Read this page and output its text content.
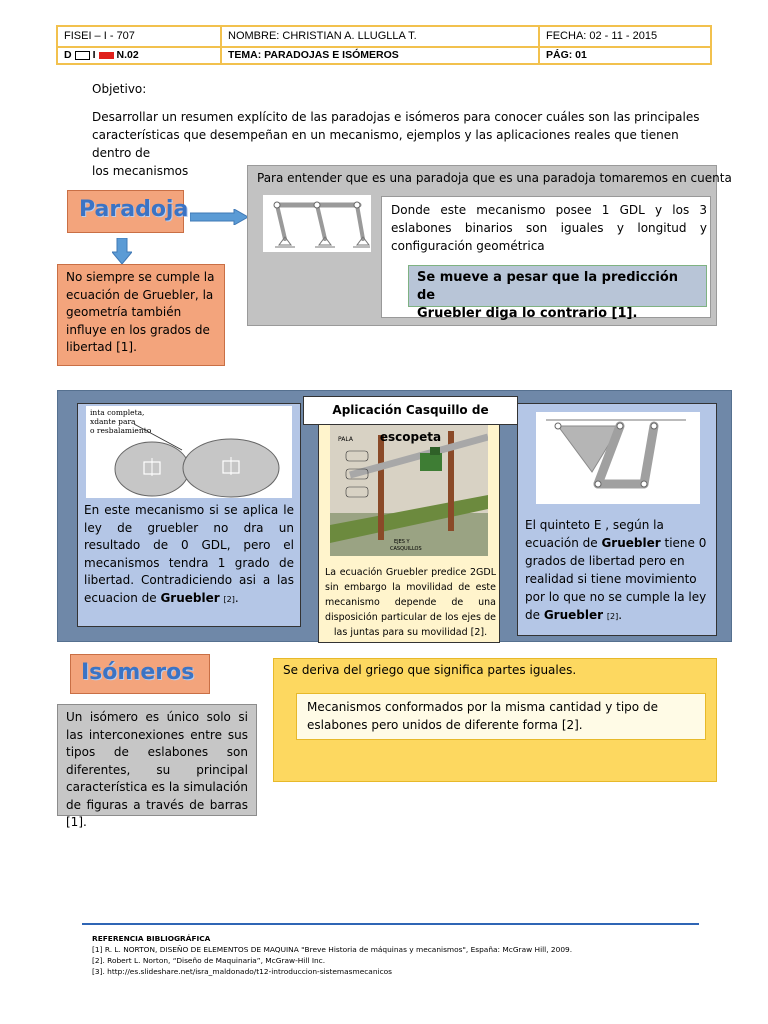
FISEI – I - 707	NOMBRE: CHRISTIAN A. LLUGLLA T.	FECHA: 02 - 11 - 2015
D I N.02	TEMA: PARADOJAS E ISÓMEROS	PÁG: 01
Objetivo:
Desarrollar un resumen explícito de las paradojas e isómeros para conocer cuáles son las principales
características que desempeñan en un mecanismo, ejemplos y las aplicaciones reales que tienen dentro de
los mecanismos
Paradoja
No siempre se cumple la
ecuación de Gruebler, la
geometría también
influye en los grados de
libertad [1].
Para entender que es una paradoja que es una paradoja tomaremos en cuenta
Donde este mecanismo posee 1 GDL y los 3 eslabones binarios son iguales y longitud y configuración geométrica
Se mueve a pesar que la predicción de
Gruebler diga lo contrario [1].
inta completa,
xdante para
o resbalamiento
En este mecanismo si se aplica le ley de gruebler no dra un resultado de 0 GDL, pero el mecanismos tendra 1 grado de libertad. Contradiciendo asi a las ecuacion de Gruebler [2].
PALA
EJES Y
CASQUILLOS
Aplicación Casquillo de escopeta
La ecuación Gruebler predice 2GDL sin embargo la movilidad de este mecanismo depende de una disposición particular de los ejes de las juntas para su movilidad [2].
El quinteto E , según la ecuación de Gruebler tiene 0 grados de libertad pero en realidad si tiene movimiento por lo que no se cumple la ley de Gruebler [2].
Isómeros
Un isómero es único solo si las interconexiones entre sus tipos de eslabones son diferentes, su principal característica es la simulación de figuras a través de barras [1].
Se deriva del griego que significa partes iguales.
Mecanismos conformados por la misma cantidad y tipo de eslabones pero unidos de diferente forma [2].
REFERENCIA BIBLIOGRÁFICA
[1] R. L. NORTON, DISEÑO DE ELEMENTOS DE MAQUINA "Breve Historia de máquinas y mecanismos", España: McGraw Hill, 2009.
[2]. Robert L. Norton, “Diseño de Maquinaria”, McGraw-Hill Inc.
[3]. http://es.slideshare.net/isra_maldonado/t12-introduccion-sistemasmecanicos
